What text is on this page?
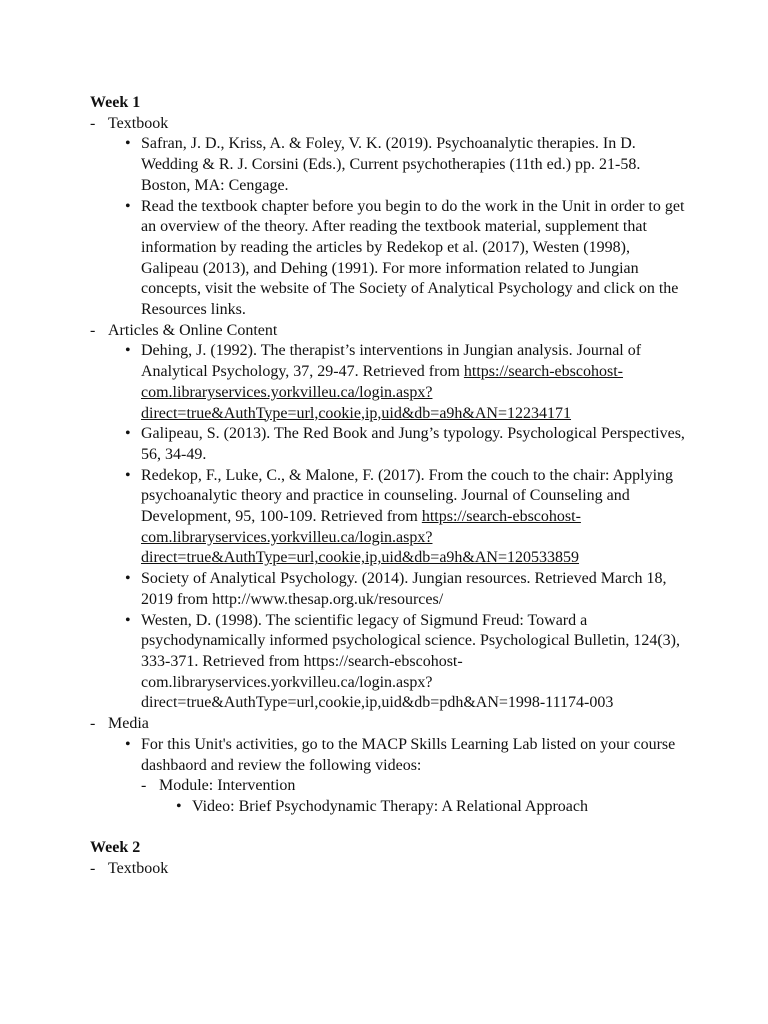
Week 1

- Textbook
• Safran, J. D., Kriss, A. & Foley, V. K. (2019). Psychoanalytic therapies. In D. Wedding & R. J. Corsini (Eds.), Current psychotherapies (11th ed.) pp. 21-58. Boston, MA: Cengage.
• Read the textbook chapter before you begin to do the work in the Unit in order to get an overview of the theory. After reading the textbook material, supplement that information by reading the articles by Redekop et al. (2017), Westen (1998), Galipeau (2013), and Dehing (1991). For more information related to Jungian concepts, visit the website of The Society of Analytical Psychology and click on the Resources links.
- Articles & Online Content
• Dehing, J. (1992). The therapist’s interventions in Jungian analysis. Journal of Analytical Psychology, 37, 29-47. Retrieved from https://search-ebscohost-com.libraryservices.yorkvilleu.ca/login.aspx?direct=true&AuthType=url,cookie,ip,uid&db=a9h&AN=12234171
• Galipeau, S. (2013). The Red Book and Jung’s typology. Psychological Perspectives, 56, 34-49.
• Redekop, F., Luke, C., & Malone, F. (2017). From the couch to the chair: Applying psychoanalytic theory and practice in counseling. Journal of Counseling and Development, 95, 100-109. Retrieved from https://search-ebscohost-com.libraryservices.yorkvilleu.ca/login.aspx?direct=true&AuthType=url,cookie,ip,uid&db=a9h&AN=120533859
• Society of Analytical Psychology. (2014). Jungian resources. Retrieved March 18, 2019 from http://www.thesap.org.uk/resources/
• Westen, D. (1998). The scientific legacy of Sigmund Freud: Toward a psychodynamically informed psychological science. Psychological Bulletin, 124(3), 333-371. Retrieved from https://search-ebscohost-com.libraryservices.yorkvilleu.ca/login.aspx?direct=true&AuthType=url,cookie,ip,uid&db=pdh&AN=1998-11174-003
- Media
• For this Unit's activities, go to the MACP Skills Learning Lab listed on your course dashbaord and review the following videos:
- Module: Intervention
• Video: Brief Psychodynamic Therapy: A Relational Approach

Week 2

- Textbook
